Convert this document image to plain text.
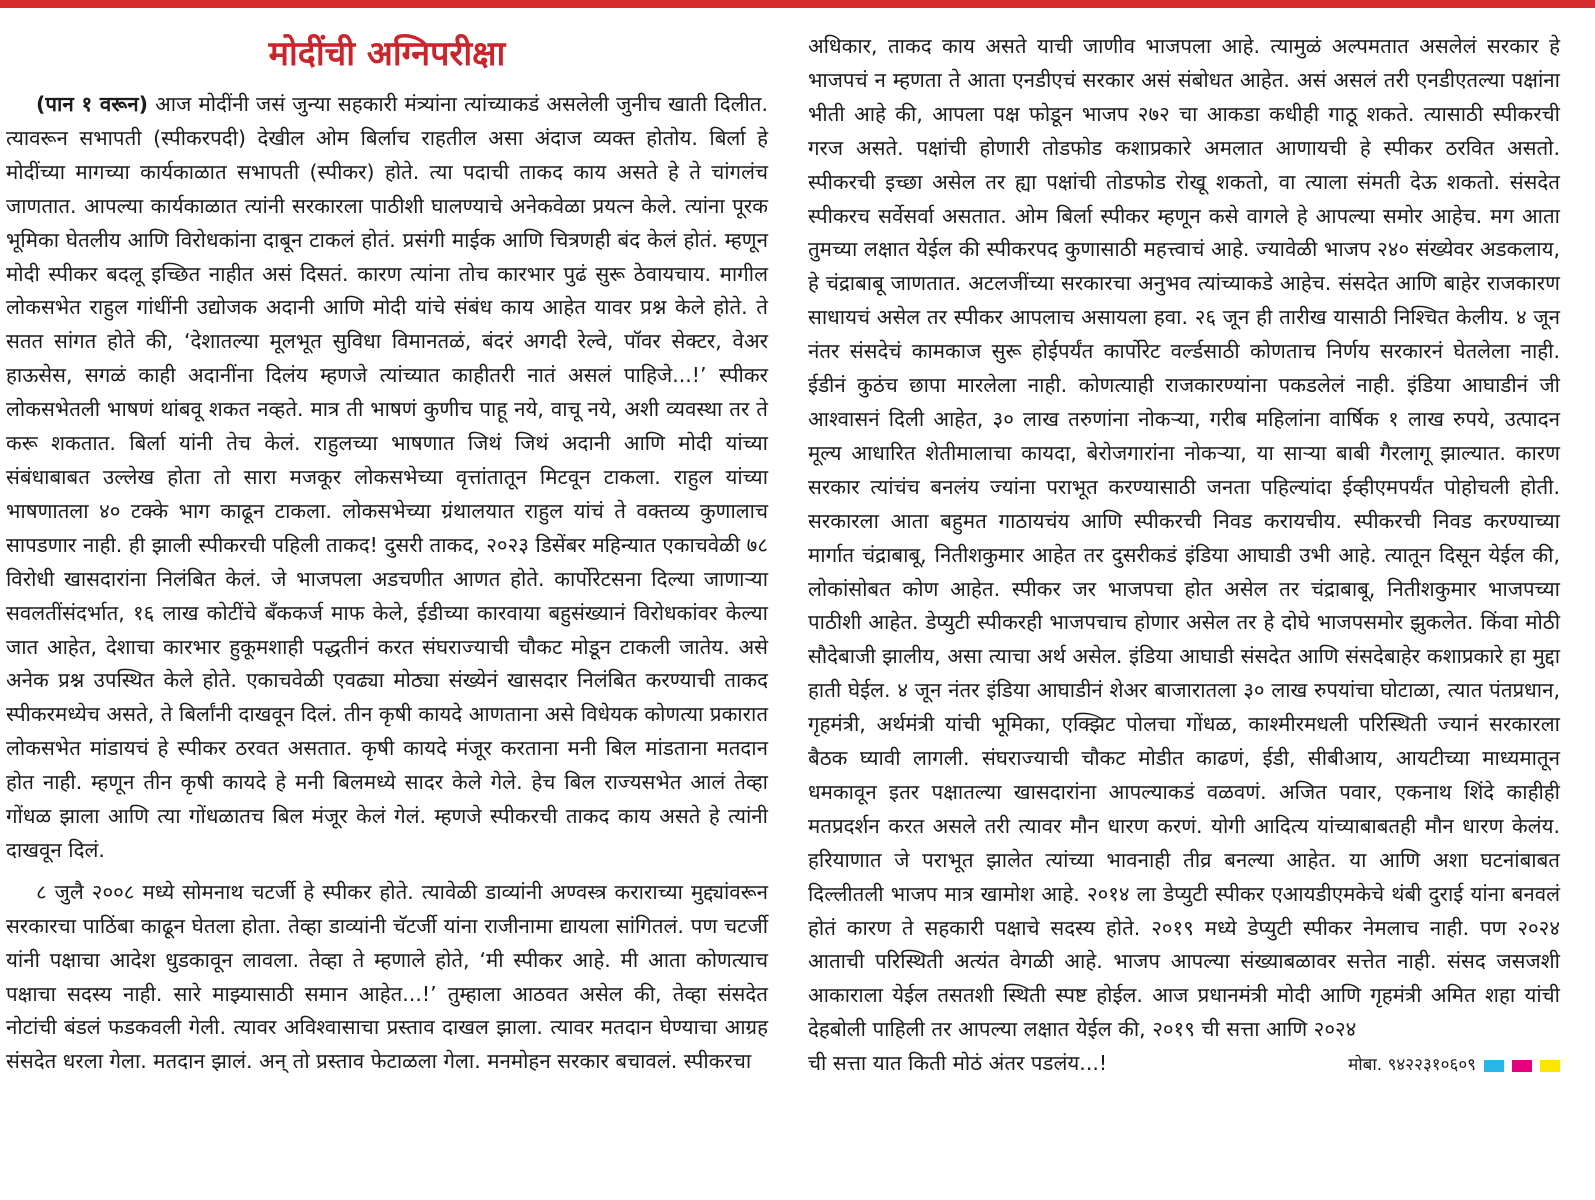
मोदींची अग्निपरीक्षा

(पान १ वरून) आज मोदींनी जसं जुन्या सहकारी मंत्र्यांना त्यांच्याकडं असलेली जुनीच खाती दिलीत. त्यावरून सभापती (स्पीकरपदी) देखील ओम बिर्लाच राहतील असा अंदाज व्यक्त होतोय. बिर्ला हे मोदींच्या मागच्या कार्यकाळात सभापती (स्पीकर) होते. त्या पदाची ताकद काय असते हे ते चांगलंच जाणतात. आपल्या कार्यकाळात त्यांनी सरकारला पाठीशी घालण्याचे अनेकवेळा प्रयत्न केले. त्यांना पूरक भूमिका घेतलीय आणि विरोधकांना दाबून टाकलं होतं. प्रसंगी माईक आणि चित्रणही बंद केलं होतं. म्हणून मोदी स्पीकर बदलू इच्छित नाहीत असं दिसतं. कारण त्यांना तोच कारभार पुढं सुरू ठेवायचाय. मागील लोकसभेत राहुल गांधींनी उद्योजक अदानी आणि मोदी यांचे संबंध काय आहेत यावर प्रश्न केले होते. ते सतत सांगत होते की, ‘देशातल्या मूलभूत सुविधा विमानतळं, बंदरं अगदी रेल्वे, पॉवर सेक्टर, वेअर हाऊसेस, सगळं काही अदानींना दिलंय म्हणजे त्यांच्यात काहीतरी नातं असलं पाहिजे...!’ स्पीकर लोकसभेतली भाषणं थांबवू शकत नव्हते. मात्र ती भाषणं कुणीच पाहू नये, वाचू नये, अशी व्यवस्था तर ते करू शकतात. बिर्ला यांनी तेच केलं. राहुलच्या भाषणात जिथं जिथं अदानी आणि मोदी यांच्या संबंधाबाबत उल्लेख होता तो सारा मजकूर लोकसभेच्या वृत्तांतातून मिटवून टाकला. राहुल यांच्या भाषणातला ४० टक्के भाग काढून टाकला. लोकसभेच्या ग्रंथालयात राहुल यांचं ते वक्तव्य कुणालाच सापडणार नाही. ही झाली स्पीकरची पहिली ताकद! दुसरी ताकद, २०२३ डिसेंबर महिन्यात एकाचवेळी ७८ विरोधी खासदारांना निलंबित केलं. जे भाजपला अडचणीत आणत होते. कार्पोरेटसना दिल्या जाणाऱ्या सवलतींसंदर्भात, १६ लाख कोटींचे बँककर्ज माफ केले, ईडीच्या कारवाया बहुसंख्यानं विरोधकांवर केल्या जात आहेत, देशाचा कारभार हुकूमशाही पद्धतीनं करत संघराज्याची चौकट मोडून टाकली जातेय. असे अनेक प्रश्न उपस्थित केले होते. एकाचवेळी एवढ्या मोठ्या संख्येनं खासदार निलंबित करण्याची ताकद स्पीकरमध्येच असते, ते बिर्लांनी दाखवून दिलं. तीन कृषी कायदे आणताना असे विधेयक कोणत्या प्रकारात लोकसभेत मांडायचं हे स्पीकर ठरवत असतात. कृषी कायदे मंजूर करताना मनी बिल मांडताना मतदान होत नाही. म्हणून तीन कृषी कायदे हे मनी बिलमध्ये सादर केले गेले. हेच बिल राज्यसभेत आलं तेव्हा गोंधळ झाला आणि त्या गोंधळातच बिल मंजूर केलं गेलं. म्हणजे स्पीकरची ताकद काय असते हे त्यांनी दाखवून दिलं.

८ जुलै २००८ मध्ये सोमनाथ चटर्जी हे स्पीकर होते. त्यावेळी डाव्यांनी अण्वस्त्र कराराच्या मुद्द्यांवरून सरकारचा पाठिंबा काढून घेतला होता. तेव्हा डाव्यांनी चॅटर्जी यांना राजीनामा द्यायला सांगितलं. पण चटर्जी यांनी पक्षाचा आदेश धुडकावून लावला. तेव्हा ते म्हणाले होते, ‘मी स्पीकर आहे. मी आता कोणत्याच पक्षाचा सदस्य नाही. सारे माझ्यासाठी समान आहेत...!’ तुम्हाला आठवत असेल की, तेव्हा संसदेत नोटांची बंडलं फडकवली गेली. त्यावर अविश्वासाचा प्रस्ताव दाखल झाला. त्यावर मतदान घेण्याचा आग्रह संसदेत धरला गेला. मतदान झालं. अन् तो प्रस्ताव फेटाळला गेला. मनमोहन सरकार बचावलं. स्पीकरचा

अधिकार, ताकद काय असते याची जाणीव भाजपला आहे. त्यामुळं अल्पमतात असलेलं सरकार हे भाजपचं न म्हणता ते आता एनडीएचं सरकार असं संबोधत आहेत. असं असलं तरी एनडीएतल्या पक्षांना भीती आहे की, आपला पक्ष फोडून भाजप २७२ चा आकडा कधीही गाठू शकते. त्यासाठी स्पीकरची गरज असते. पक्षांची होणारी तोडफोड कशाप्रकारे अमलात आणायची हे स्पीकर ठरवित असतो. स्पीकरची इच्छा असेल तर ह्या पक्षांची तोडफोड रोखू शकतो, वा त्याला संमती देऊ शकतो. संसदेत स्पीकरच सर्वेसर्वा असतात. ओम बिर्ला स्पीकर म्हणून कसे वागले हे आपल्या समोर आहेच. मग आता तुमच्या लक्षात येईल की स्पीकरपद कुणासाठी महत्त्वाचं आहे. ज्यावेळी भाजप २४० संख्येवर अडकलाय, हे चंद्राबाबू जाणतात. अटलजींच्या सरकारचा अनुभव त्यांच्याकडे आहेच. संसदेत आणि बाहेर राजकारण साधायचं असेल तर स्पीकर आपलाच असायला हवा. २६ जून ही तारीख यासाठी निश्चित केलीय. ४ जून नंतर संसदेचं कामकाज सुरू होईपर्यंत कार्पोरेट वर्ल्डसाठी कोणताच निर्णय सरकारनं घेतलेला नाही. ईडीनं कुठंच छापा मारलेला नाही. कोणत्याही राजकारण्यांना पकडलेलं नाही. इंडिया आघाडीनं जी आश्वासनं दिली आहेत, ३० लाख तरुणांना नोकऱ्या, गरीब महिलांना वार्षिक १ लाख रुपये, उत्पादन मूल्य आधारित शेतीमालाचा कायदा, बेरोजगारांना नोकऱ्या, या साऱ्या बाबी गैरलागू झाल्यात. कारण सरकार त्यांचंच बनलंय ज्यांना पराभूत करण्यासाठी जनता पहिल्यांदा ईव्हीएमपर्यंत पोहोचली होती. सरकारला आता बहुमत गाठायचंय आणि स्पीकरची निवड करायचीय. स्पीकरची निवड करण्याच्या मार्गात चंद्राबाबू, नितीशकुमार आहेत तर दुसरीकडं इंडिया आघाडी उभी आहे. त्यातून दिसून येईल की, लोकांसोबत कोण आहेत. स्पीकर जर भाजपचा होत असेल तर चंद्राबाबू, नितीशकुमार भाजपच्या पाठीशी आहेत. डेप्युटी स्पीकरही भाजपचाच होणार असेल तर हे दोघे भाजपसमोर झुकलेत. किंवा मोठी सौदेबाजी झालीय, असा त्याचा अर्थ असेल. इंडिया आघाडी संसदेत आणि संसदेबाहेर कशाप्रकारे हा मुद्दा हाती घेईल. ४ जून नंतर इंडिया आघाडीनं शेअर बाजारातला ३० लाख रुपयांचा घोटाळा, त्यात पंतप्रधान, गृहमंत्री, अर्थमंत्री यांची भूमिका, एक्झिट पोलचा गोंधळ, काश्मीरमधली परिस्थिती ज्यानं सरकारला बैठक घ्यावी लागली. संघराज्याची चौकट मोडीत काढणं, ईडी, सीबीआय, आयटीच्या माध्यमातून धमकावून इतर पक्षातल्या खासदारांना आपल्याकडं वळवणं. अजित पवार, एकनाथ शिंदे काहीही मतप्रदर्शन करत असले तरी त्यावर मौन धारण करणं. योगी आदित्य यांच्याबाबतही मौन धारण केलंय. हरियाणात जे पराभूत झालेत त्यांच्या भावनाही तीव्र बनल्या आहेत. या आणि अशा घटनांबाबत दिल्लीतली भाजप मात्र खामोश आहे. २०१४ ला डेप्युटी स्पीकर एआयडीएमकेचे थंबी दुराई यांना बनवलं होतं कारण ते सहकारी पक्षाचे सदस्य होते. २०१९ मध्ये डेप्युटी स्पीकर नेमलाच नाही. पण २०२४ आताची परिस्थिती अत्यंत वेगळी आहे. भाजप आपल्या संख्याबळावर सत्तेत नाही. संसद जसजशी आकाराला येईल तसतशी स्थिती स्पष्ट होईल. आज प्रधानमंत्री मोदी आणि गृहमंत्री अमित शहा यांची देहबोली पाहिली तर आपल्या लक्षात येईल की, २०१९ ची सत्ता आणि २०२४

ची सत्ता यात किती मोठं अंतर पडलंय...!	मोबा. ९४२२३१०६०९
